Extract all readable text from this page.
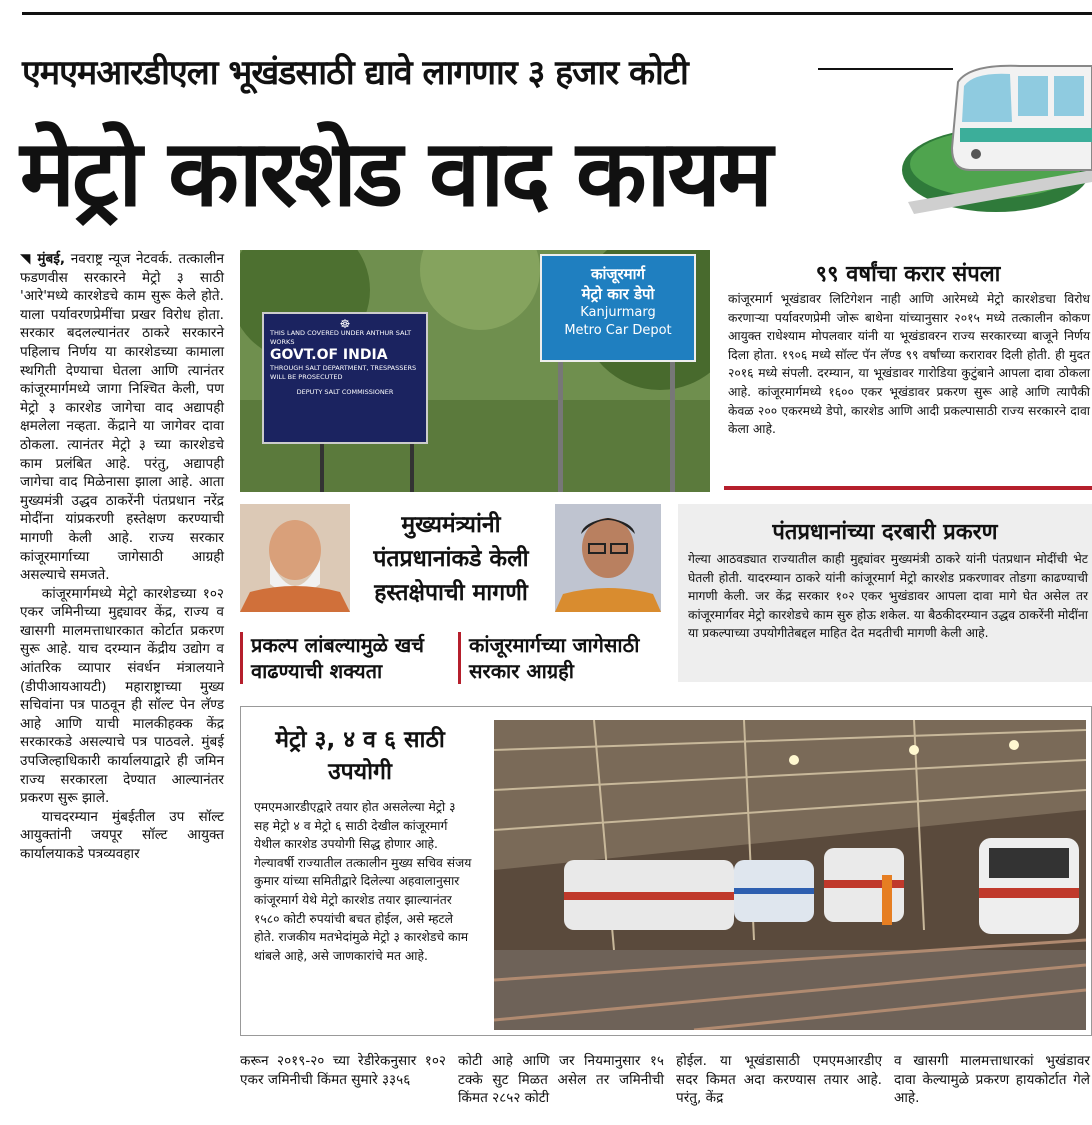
एमएमआरडीएला भूखंडसाठी द्यावे लागणार ३ हजार कोटी
मेट्रो कारशेड वाद कायम

◥ मुंबई, नवराष्ट्र न्यूज नेटवर्क. तत्कालीन फडणवीस सरकारने मेट्रो ३ साठी 'आरे'मध्ये कारशेडचे काम सुरू केले होते. याला पर्यावरणप्रेमींचा प्रखर विरोध होता. सरकार बदलल्यानंतर ठाकरे सरकारने पहिलाच निर्णय या कारशेडच्या कामाला स्थगिती देण्याचा घेतला आणि त्यानंतर कांजूरमार्गमध्ये जागा निश्चित केली, पण मेट्रो ३ कारशेड जागेचा वाद अद्यापही क्षमलेला नव्हता. केंद्राने या जागेवर दावा ठोकला. त्यानंतर मेट्रो ३ च्या कारशेडचे काम प्रलंबित आहे. परंतु, अद्यापही जागेचा वाद मिळेनासा झाला आहे. आता मुख्यमंत्री उद्धव ठाकरेंनी पंतप्रधान नरेंद्र मोदींना यांप्रकरणी हस्तेक्षण करण्याची मागणी केली आहे. राज्य सरकार कांजूरमार्गाच्या जागेसाठी आग्रही असल्याचे समजते.

कांजूरमार्गमध्ये मेट्रो कारशेडच्या १०२ एकर जमिनीच्या मुद्द्यावर केंद्र, राज्य व खासगी मालमत्ताधारकात कोर्टात प्रकरण सुरू आहे. याच दरम्यान केंद्रीय उद्योग व आंतरिक व्यापार संवर्धन मंत्रालयाने (डीपीआयआयटी) महाराष्ट्राच्या मुख्य सचिवांना पत्र पाठवून ही सॉल्ट पेन लॅण्ड आहे आणि याची मालकीहक्क केंद्र सरकारकडे असल्याचे पत्र पाठवले. मुंबई उपजिल्हाधिकारी कार्यालयाद्वारे ही जमिन राज्य सरकारला देण्यात आल्यानंतर प्रकरण सुरू झाले.

याचदरम्यान मुंबईतील उप सॉल्ट आयुक्तांनी जयपूर सॉल्ट आयुक्त कार्यालयाकडे पत्रव्यवहार

☸
THIS LAND COVERED UNDER ANTHUR SALT WORKS
GOVT.OF INDIA
THROUGH SALT DEPARTMENT, TRESPASSERS WILL BE PROSECUTED
DEPUTY SALT COMMISSIONER
कांजूरमार्ग
मेट्रो कार डेपो
Kanjurmarg
Metro Car Depot
९९ वर्षांचा करार संपला
कांजूरमार्ग भूखंडावर लिटिगेशन नाही आणि आरेमध्ये मेट्रो कारशेडचा विरोध करणाऱ्या पर्यावरणप्रेमी जोरू बाथेना यांच्यानुसार २०१५ मध्ये तत्कालीन कोकण आयुक्त राधेश्याम मोपलवार यांनी या भूखंडावरन राज्य सरकारच्या बाजूने निर्णय दिला होता. १९०६ मध्ये सॉल्ट पॅन लॅण्ड ९९ वर्षांच्या करारावर दिली होती. ही मुदत २०१६ मध्ये संपली. दरम्यान, या भूखंडावर गारोडिया कुटुंबाने आपला दावा ठोकला आहे. कांजूरमार्गमध्ये १६०० एकर भूखंडावर प्रकरण सुरू आहे आणि त्यापैकी केवळ २०० एकरमध्ये डेपो, कारशेड आणि आदी प्रकल्पासाठी राज्य सरकारने दावा केला आहे.
मुख्यमंत्र्यांनी
पंतप्रधानांकडे केली
हस्तक्षेपाची मागणी
प्रकल्प लांबल्यामुळे खर्च
वाढण्याची शक्यता
कांजूरमार्गच्या जागेसाठी
सरकार आग्रही
पंतप्रधानांच्या दरबारी प्रकरण
गेल्या आठवड्यात राज्यातील काही मुद्द्यांवर मुख्यमंत्री ठाकरे यांनी पंतप्रधान मोदींची भेट घेतली होती. यादरम्यान ठाकरे यांनी कांजूरमार्ग मेट्रो कारशेड प्रकरणावर तोडगा काढण्याची मागणी केली. जर केंद्र सरकार १०२ एकर भुखंडावर आपला दावा मागे घेत असेल तर कांजूरमार्गवर मेट्रो कारशेडचे काम सुरु होऊ शकेल. या बैठकीदरम्यान उद्धव ठाकरेंनी मोदींना या प्रकल्पाच्या उपयोगीतेबद्दल माहित देत मदतीची मागणी केली आहे.
मेट्रो ३, ४ व ६ साठी
उपयोगी
एमएमआरडीएद्वारे तयार होत असलेल्या मेट्रो ३ सह मेट्रो ४ व मेट्रो ६ साठी देखील कांजूरमार्ग येथील कारशेड उपयोगी सिद्ध होणार आहे. गेल्यावर्षी राज्यातील तत्कालीन मुख्य सचिव संजय कुमार यांच्या समितीद्वारे दिलेल्या अहवालानुसार कांजूरमार्ग येथे मेट्रो कारशेड तयार झाल्यानंतर १५८० कोटी रुपयांची बचत होईल, असे म्हटले होते. राजकीय मतभेदांमुळे मेट्रो ३ कारशेडचे काम थांबले आहे, असे जाणकारांचे मत आहे.
करून २०१९-२० च्या रेडीरेकनुसार १०२ एकर जमिनीची किंमत सुमारे ३३५६
कोटी आहे आणि जर नियमानुसार १५ टक्के सुट मिळत असेल तर जमिनीची किंमत २८५२ कोटी
होईल. या भूखंडासाठी एमएमआरडीए सदर किमत अदा करण्यास तयार आहे. परंतु, केंद्र
व खासगी मालमत्ताधारकां भुखंडावर दावा केल्यामुळे प्रकरण हायकोर्टात गेले आहे.
